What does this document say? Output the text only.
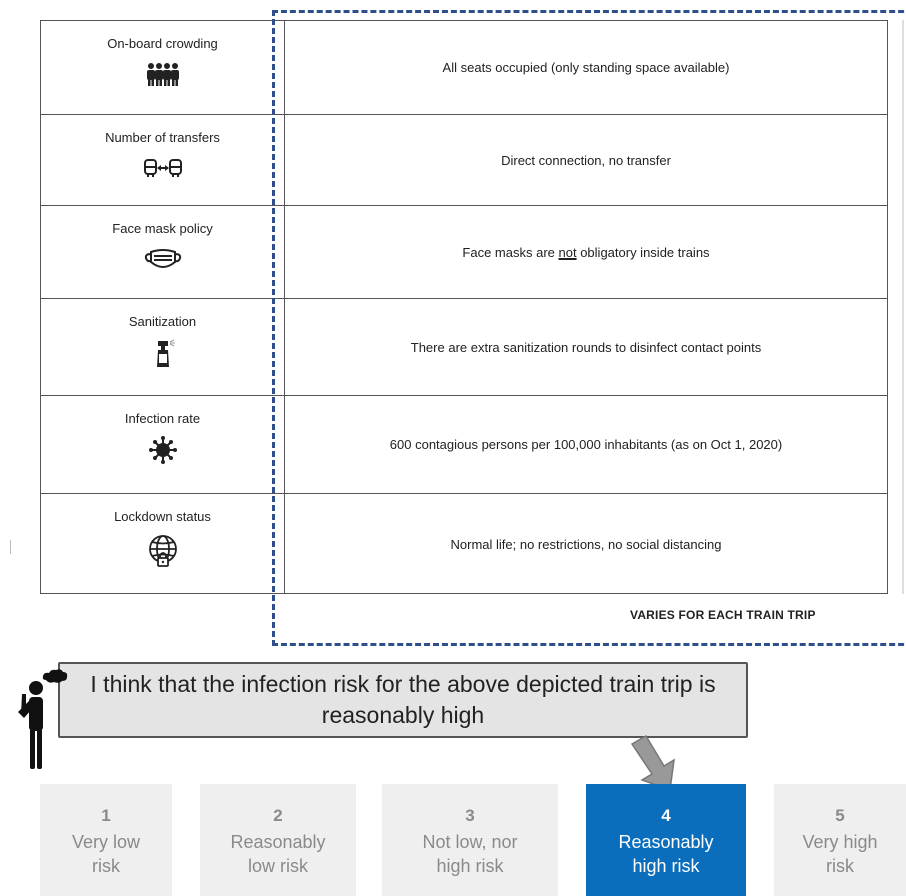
On-board crowding
All seats occupied (only standing space available)
Number of transfers
Direct connection, no transfer
Face mask policy
Face masks are not obligatory inside trains
Sanitization
There are extra sanitization rounds to disinfect contact points
Infection rate
600 contagious persons per 100,000 inhabitants (as on Oct 1, 2020)
Lockdown status
Normal life; no restrictions, no social distancing
VARIES FOR EACH TRAIN TRIP
I think that the infection risk for the above depicted train trip is reasonably high
1
Very low risk
2
Reasonably low risk
3
Not low, nor high risk
4
Reasonably high risk
5
Very high risk
